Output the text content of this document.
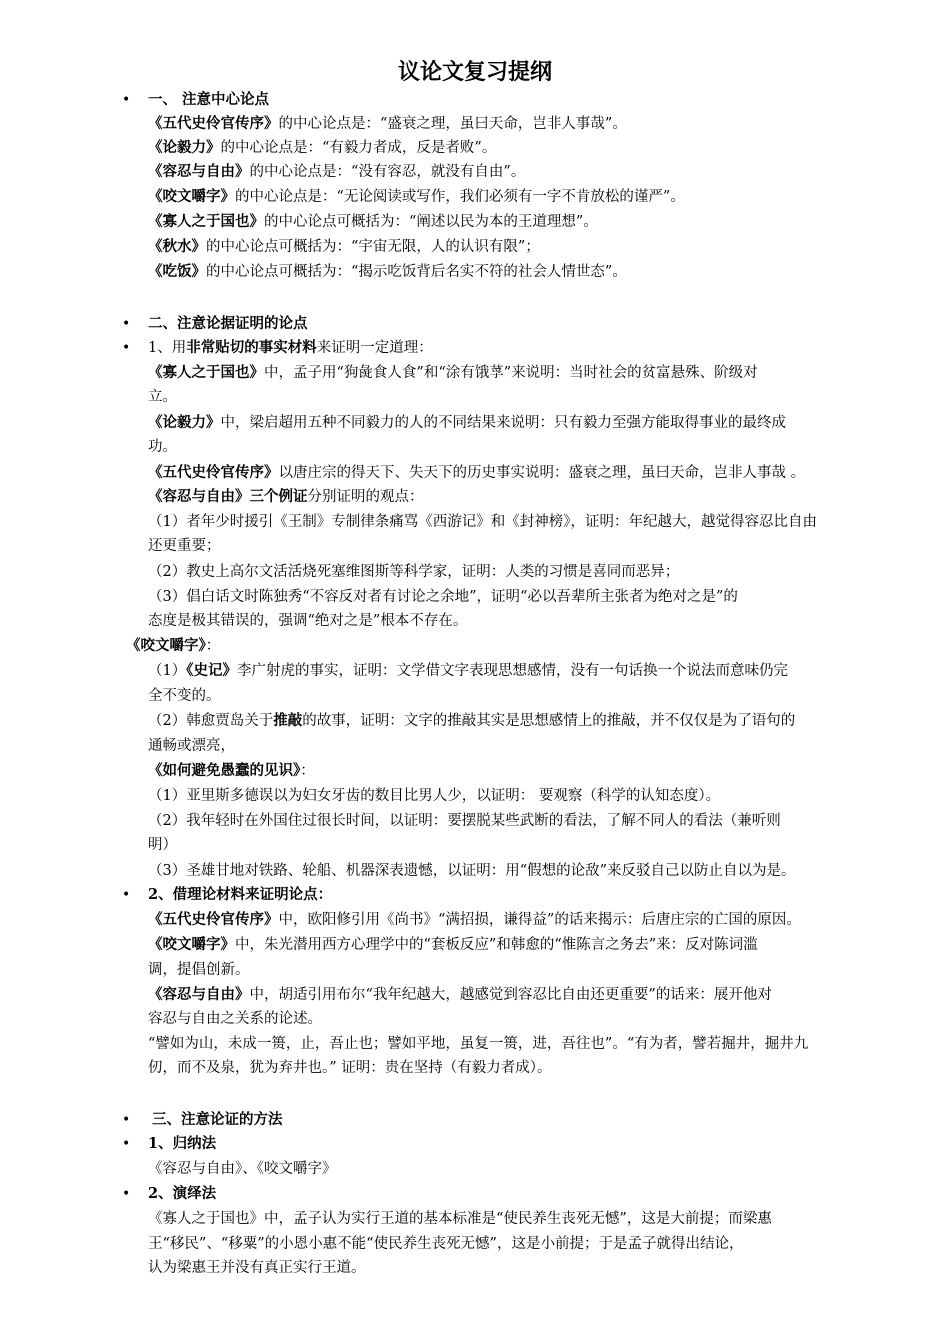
议论文复习提纲
• 一、 注意中心论点
《五代史伶官传序》的中心论点是：“盛衰之理，虽曰天命，岂非人事哉”。
《论毅力》的中心论点是：“有毅力者成，反是者败”。
《容忍与自由》的中心论点是：“没有容忍，就没有自由”。
《咬文嚼字》的中心论点是：“无论阅读或写作，我们必须有一字不肯放松的谨严”。
《寡人之于国也》的中心论点可概括为：“阐述以民为本的王道理想”。
《秋水》的中心论点可概括为：“宇宙无限，人的认识有限”；
《吃饭》的中心论点可概括为：“揭示吃饭背后名实不符的社会人情世态”。
• 二、注意论据证明的论点
• 1、用非常贴切的事实材料来证明一定道理：
《寡人之于国也》中，孟子用“狗彘食人食”和“涂有饿莩”来说明：当时社会的贫富悬殊、阶级对
立。
《论毅力》中，梁启超用五种不同毅力的人的不同结果来说明：只有毅力至强方能取得事业的最终成
功。
《五代史伶官传序》以唐庄宗的得天下、失天下的历史事实说明：盛衰之理，虽曰天命，岂非人事哉 。
《容忍与自由》三个例证分别证明的观点：
（1）者年少时援引《王制》专制律条痛骂《西游记》和《封神榜》，证明：年纪越大，越觉得容忍比自由
还更重要；
（2）教史上高尔文活活烧死塞维图斯等科学家，证明：人类的习惯是喜同而恶异；
（3）倡白话文时陈独秀“不容反对者有讨论之余地”，证明“必以吾辈所主张者为绝对之是”的
态度是极其错误的，强调“绝对之是”根本不存在。
《咬文嚼字》：
（1）《史记》李广射虎的事实，证明：文学借文字表现思想感情，没有一句话换一个说法而意味仍完
全不变的。
（2）韩愈贾岛关于推敲的故事，证明：文字的推敲其实是思想感情上的推敲，并不仅仅是为了语句的
通畅或漂亮，
《如何避免愚蠢的见识》：
（1）亚里斯多德误以为妇女牙齿的数目比男人少，以证明： 要观察（科学的认知态度）。
（2）我年轻时在外国住过很长时间，以证明：要摆脱某些武断的看法，了解不同人的看法（兼听则
明）
（3）圣雄甘地对铁路、轮船、机器深表遗憾，以证明：用“假想的论敌”来反驳自己以防止自以为是。
• 2、借理论材料来证明论点：
《五代史伶官传序》中，欧阳修引用《尚书》“满招损，谦得益”的话来揭示：后唐庄宗的亡国的原因。
《咬文嚼字》中，朱光潜用西方心理学中的“套板反应”和韩愈的“惟陈言之务去”来：反对陈词滥
调，提倡创新。
《容忍与自由》中，胡适引用布尔“我年纪越大，越感觉到容忍比自由还更重要”的话来：展开他对
容忍与自由之关系的论述。
“譬如为山，未成一篑，止，吾止也；譬如平地，虽复一篑，进，吾往也”。“有为者，譬若掘井，掘井九
仞，而不及泉，犹为弃井也。” 证明：贵在坚持（有毅力者成）。
• 三、注意论证的方法
• 1、归纳法
《容忍与自由》、《咬文嚼字》
• 2、演绎法
《寡人之于国也》中，孟子认为实行王道的基本标准是“使民养生丧死无憾”，这是大前提；而梁惠
王“移民”、“移粟”的小恩小惠不能“使民养生丧死无憾”，这是小前提；于是孟子就得出结论，
认为梁惠王并没有真正实行王道。
